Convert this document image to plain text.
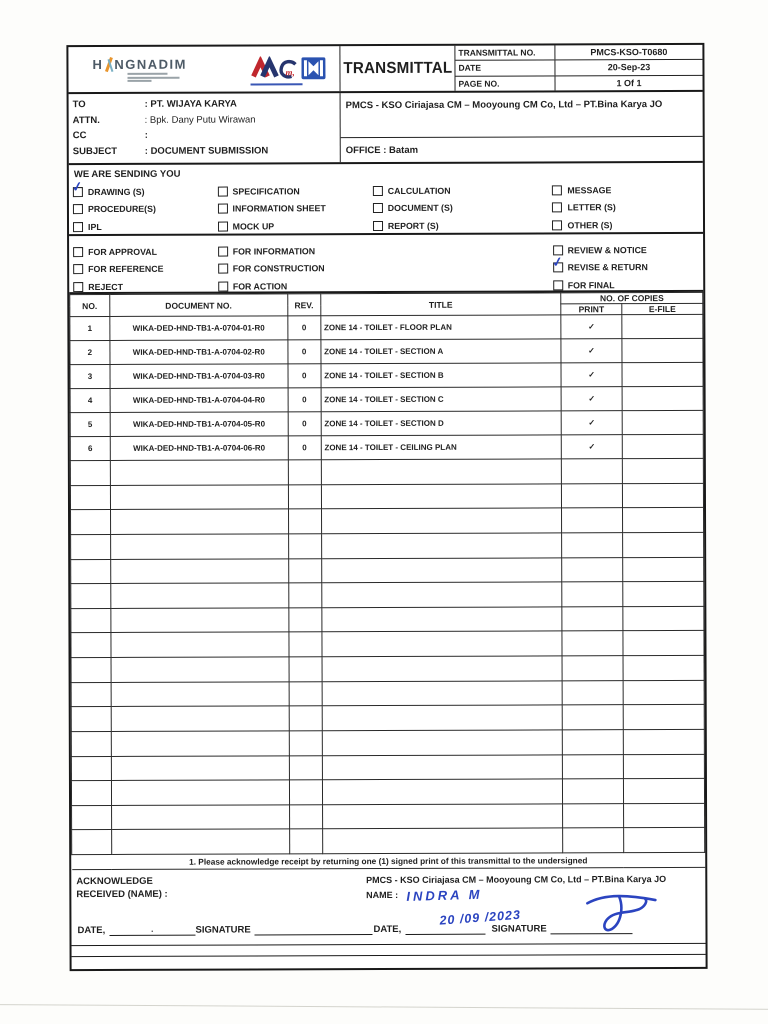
H NGNADIM	m,	TRANSMITTAL
TRANSMITTAL NO.	PMCS-KSO-T0680
DATE	20-Sep-23
PAGE NO.	1 Of 1
TO	: PT. WIJAYA KARYA
ATTN.	: Bpk. Dany Putu Wirawan
CC	:
SUBJECT	: DOCUMENT SUBMISSION
PMCS - KSO Ciriajasa CM – Mooyoung CM Co, Ltd – PT.Bina Karya JO
OFFICE : Batam
WE ARE SENDING YOU
✓ DRAWING (S)
PROCEDURE(S)
IPL
SPECIFICATION
INFORMATION SHEET
MOCK UP
CALCULATION
DOCUMENT (S)
REPORT (S)
MESSAGE
LETTER (S)
OTHER (S)
FOR APPROVAL
FOR REFERENCE
REJECT
FOR INFORMATION
FOR CONSTRUCTION
FOR ACTION
REVIEW & NOTICE
✓ REVISE & RETURN
FOR FINAL
NO.	DOCUMENT NO.	REV.	TITLE	NO. OF COPIES	
				PRINT	E-FILE
1	WIKA-DED-HND-TB1-A-0704-01-R0	0	ZONE 14 - TOILET - FLOOR PLAN	✓	
2	WIKA-DED-HND-TB1-A-0704-02-R0	0	ZONE 14 - TOILET - SECTION A	✓	
3	WIKA-DED-HND-TB1-A-0704-03-R0	0	ZONE 14 - TOILET - SECTION B	✓	
4	WIKA-DED-HND-TB1-A-0704-04-R0	0	ZONE 14 - TOILET - SECTION C	✓	
5	WIKA-DED-HND-TB1-A-0704-05-R0	0	ZONE 14 - TOILET - SECTION D	✓	
6	WIKA-DED-HND-TB1-A-0704-06-R0	0	ZONE 14 - TOILET - CEILING PLAN	✓	

1. Please acknowledge receipt by returning one (1) signed print of this transmittal to the undersigned					
ACKNOWLEDGE
RECEIVED (NAME) :
PMCS - KSO Ciriajasa CM – Mooyoung CM Co, Ltd – PT.Bina Karya JO
NAME : INDRA M
DATE,	.	SIGNATURE	DATE,
20 /09 /2023
SIGNATURE
